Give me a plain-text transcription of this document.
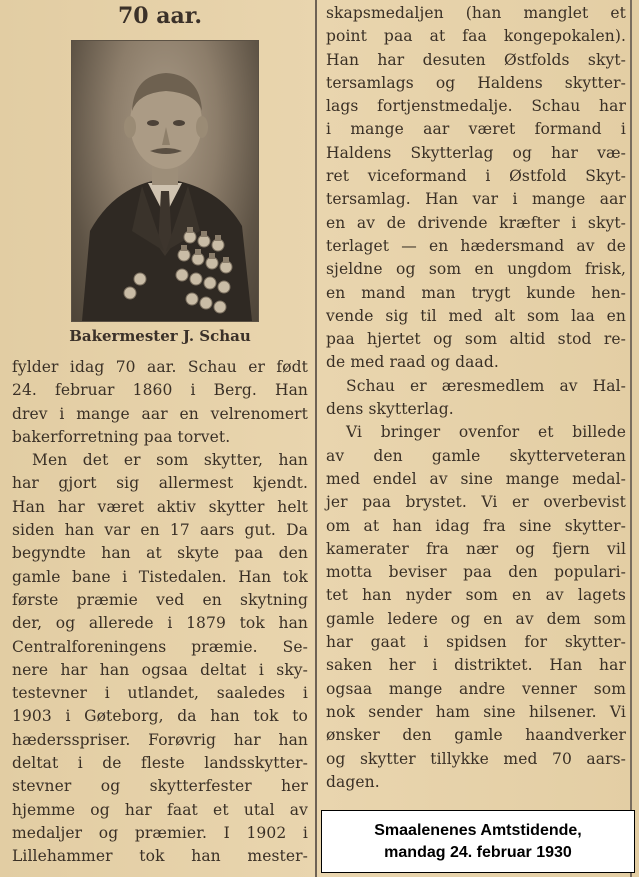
70 aar.
Bakermester J. Schau
fylder idag 70 aar. Schau er født
24. februar 1860 i Berg. Han
drev i mange aar en velrenomert
bakerforretning paa torvet.
Men det er som skytter, han
har gjort sig allermest kjendt.
Han har været aktiv skytter helt
siden han var en 17 aars gut. Da
begyndte han at skyte paa den
gamle bane i Tistedalen. Han tok
første præmie ved en skytning
der, og allerede i 1879 tok han
Centralforeningens præmie. Se-
nere har han ogsaa deltat i sky-
testevner i utlandet, saaledes i
1903 i Gøteborg, da han tok to
hædersspriser. Forøvrig har han
deltat i de fleste landsskytter-
stevner og skytterfester her
hjemme og har faat et utal av
medaljer og præmier. I 1902 i
Lillehammer tok han mester-
skapsmedaljen (han manglet et
point paa at faa kongepokalen).
Han har desuten Østfolds skyt-
tersamlags og Haldens skytter-
lags fortjenstmedalje. Schau har
i mange aar været formand i
Haldens Skytterlag og har væ-
ret viceformand i Østfold Skyt-
tersamlag. Han var i mange aar
en av de drivende kræfter i skyt-
terlaget — en hædersmand av de
sjeldne og som en ungdom frisk,
en mand man trygt kunde hen-
vende sig til med alt som laa en
paa hjertet og som altid stod re-
de med raad og daad.
Schau er æresmedlem av Hal-
dens skytterlag.
Vi bringer ovenfor et billede
av den gamle skytterveteran
med endel av sine mange medal-
jer paa brystet. Vi er overbevist
om at han idag fra sine skytter-
kamerater fra nær og fjern vil
motta beviser paa den populari-
tet han nyder som en av lagets
gamle ledere og en av dem som
har gaat i spidsen for skytter-
saken her i distriktet. Han har
ogsaa mange andre venner som
nok sender ham sine hilsener. Vi
ønsker den gamle haandverker
og skytter tillykke med 70 aars-
dagen.
Smaalenenes Amtstidende,
mandag 24. februar 1930
